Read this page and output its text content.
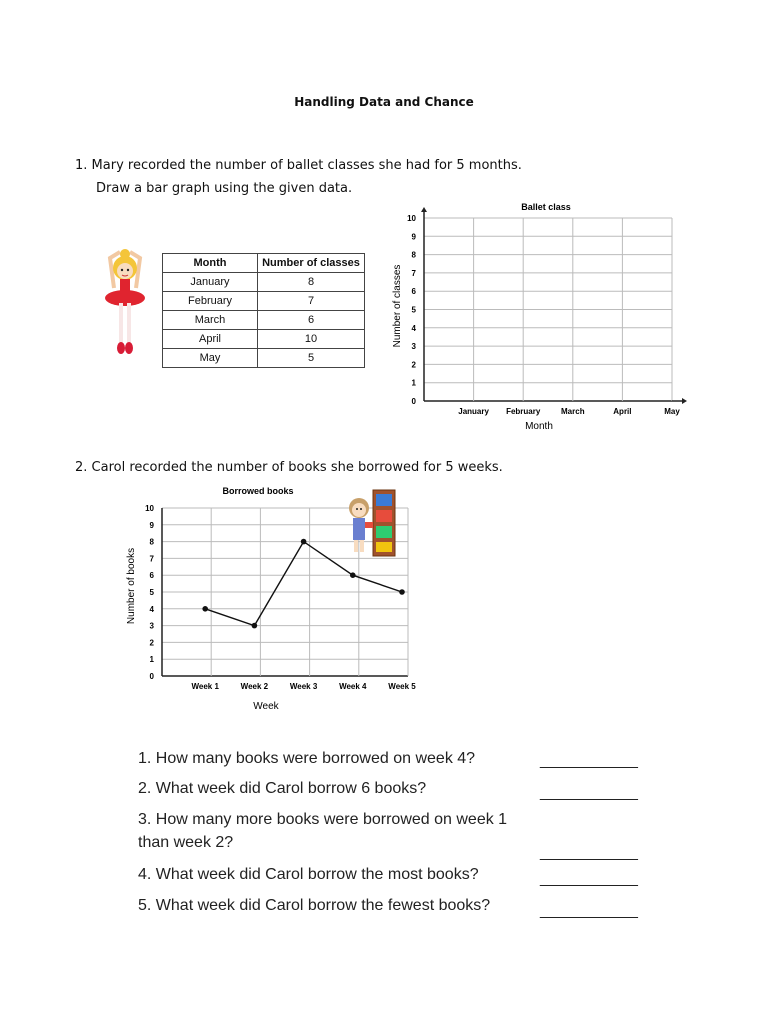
Handling Data and Chance
1. Mary recorded the number of ballet classes she had for 5 months.
Draw a bar graph using the given data.
Month	Number of classes
January	8
February	7
March	6
April	10
May	5
Ballet class
Number of classes
Month
0
1
2
3
4
5
6
7
8
9
10
January February	March	April	May
2. Carol recorded the number of books she borrowed for 5 weeks.
Borrowed books
Number of books
Week
0
1
2
3
4
5
6
7
8
9
10
Week 1	Week 2	Week 3	Week 4	Week 5
1. How many books were borrowed on week 4?	___________
2. What week did Carol borrow 6 books?	___________
3. How many more books were borrowed on week 1
than week 2?
___________
4. What week did Carol borrow the most books?	___________
5. What week did Carol borrow the fewest books?	___________
